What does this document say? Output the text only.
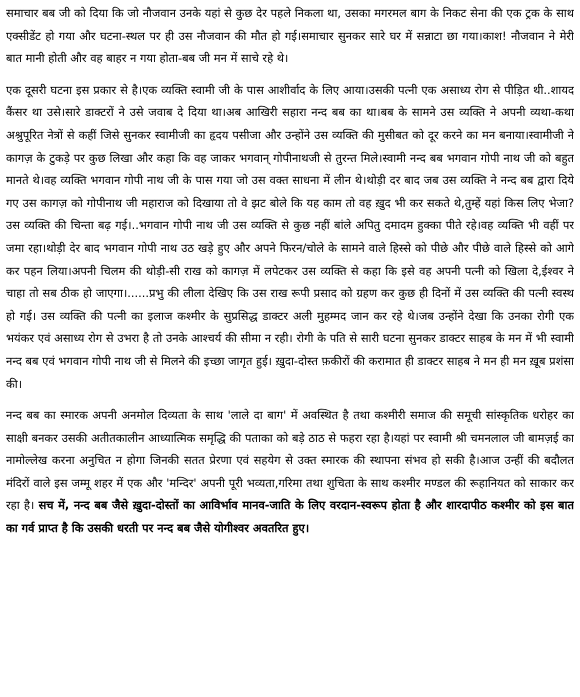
समाचार बब जी को दिया कि जो नौजवान उनके यहां से कुछ देर पहले निकला था, उसका मगरमल बाग के निकट सेना की एक ट्रक के साथ एक्सीडेंट हो गया और घटना-स्थल पर ही उस नौजवान की मौत हो गई।समाचार सुनकर सारे घर में सन्नाटा छा गया।काश! नौजवान ने मेरी बात मानी होती और वह बाहर न गया होता-बब जी मन में साचे रहे थे।

एक दूसरी घटना इस प्रकार से है।एक व्यक्ति स्वामी जी के पास आशीर्वाद के लिए आया।उसकी पत्नी एक असाध्य रोग से पीड़ित थी..शायद कैंसर था उसे।सारे डाक्टरों ने उसे जवाब दे दिया था।अब आखिरी सहारा नन्द बब का था।बब के सामने उस व्यक्ति ने अपनी व्यथा-कथा अश्रुपूरित नेत्रों से कहीं जिसे सुनकर स्वामीजी का हृदय पसीजा और उन्होंने उस व्यक्ति की मुसीबत को दूर करने का मन बनाया।स्वामीजी ने कागज़ के टुकड़े पर कुछ लिखा और कहा कि वह जाकर भगवान् गोपीनाथजी से तुरन्त मिले।स्वामी नन्द बब भगवान गोपी नाथ जी को बहुत मानते थे।वह व्यक्ति भगवान गोपी नाथ जी के पास गया जो उस वक्त साधना में लीन थे।थोड़ी दर बाद जब उस व्यक्ति ने नन्द बब द्वारा दिये गए उस कागज़ को गोपीनाथ जी महाराज को दिखाया तो वे झट बोले कि यह काम तो वह ख़ुद भी कर सकते थे,तुम्हें यहां किस लिए भेजा?उस व्यक्ति की चिन्ता बढ़ गई।..भगवान गोपी नाथ जी उस व्यक्ति से कुछ नहीं बांले अपितु दमादम हुक्का पीते रहे।वह व्यक्ति भी वहीं पर जमा रहा।थोड़ी देर बाद भगवान गोपी नाथ उठ खड़े हुए और अपने फिरन/चोले के सामने वाले हिस्से को पीछे और पीछे वाले हिस्से को आगे कर पहन लिया।अपनी चिलम की थोड़ी-सी राख को कागज़ में लपेटकर उस व्यक्ति से कहा कि इसे वह अपनी पत्नी को खिला दे,ईश्वर ने चाहा तो सब ठीक हो जाएगा।......प्रभु की लीला देखिए कि उस राख रूपी प्रसाद को ग्रहण कर कुछ ही दिनों में उस व्यक्ति की पत्नी स्वस्थ हो गई। उस व्यक्ति की पत्नी का इलाज कश्मीर के सुप्रसिद्ध डाक्टर अली मुहम्मद जान कर रहे थे।जब उन्होंने देखा कि उनका रोगी एक भयंकर एवं असाध्य रोग से उभरा है तो उनके आश्चर्य की सीमा न रही। रोगी के पति से सारी घटना सुनकर डाक्टर साहब के मन में भी स्वामी नन्द बब एवं भगवान गोपी नाथ जी से मिलने की इच्छा जागृत हुई। ख़ुदा-दोस्त फ़कीरों की करामात ही डाक्टर साहब ने मन ही मन ख़ूब प्रशंसा की।

नन्द बब का स्मारक अपनी अनमोल दिव्यता के साथ 'लाले दा बाग' में अवस्थित है तथा कश्मीरी समाज की समूची सांस्कृतिक धरोहर का साक्षी बनकर उसकी अतीतकालीन आध्यात्मिक समृद्धि की पताका को बड़े ठाठ से फहरा रहा है।यहां पर स्वामी श्री चमनलाल जी बामज़ई का नामोल्लेख करना अनुचित न होगा जिनकी सतत प्रेरणा एवं सहयेग से उक्त स्मारक की स्थापना संभव हो सकी है।आज उन्हीं की बदौलत मंदिरों वाले इस जम्मू शहर में एक और 'मन्दिर' अपनी पूरी भव्यता,गरिमा तथा शुचिता के साथ कश्मीर मण्डल की रूहानियत को साकार कर रहा है। सच में, नन्द बब जैसे ख़ुदा-दोस्तों का आविर्भाव मानव-जाति के लिए वरदान-स्वरूप होता है और शारदापीठ कश्मीर को इस बात का गर्व प्राप्त है कि उसकी धरती पर नन्द बब जैसे योगीश्वर अवतरित हुए।
